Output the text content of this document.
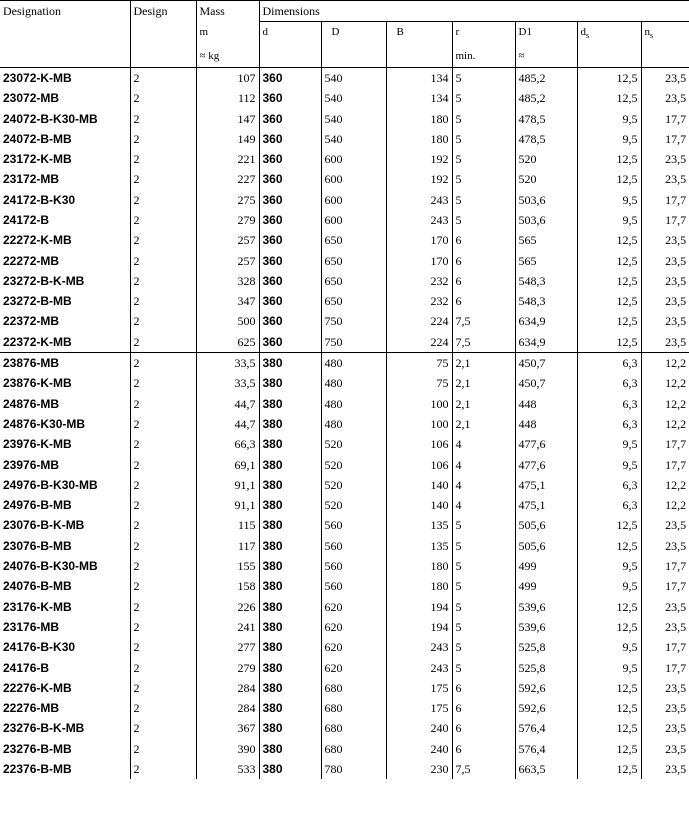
Designation	Design	Mass	Dimensions						
		m	d	D	B	r	D1	$d_s$	$n_s$
		≈ kg				min.	≈		
23072-K-MB	2	107	360	540	134	5	485,2	12,5	23,5
23072-MB	2	112	360	540	134	5	485,2	12,5	23,5
24072-B-K30-MB	2	147	360	540	180	5	478,5	9,5	17,7
24072-B-MB	2	149	360	540	180	5	478,5	9,5	17,7
23172-K-MB	2	221	360	600	192	5	520	12,5	23,5
23172-MB	2	227	360	600	192	5	520	12,5	23,5
24172-B-K30	2	275	360	600	243	5	503,6	9,5	17,7
24172-B	2	279	360	600	243	5	503,6	9,5	17,7
22272-K-MB	2	257	360	650	170	6	565	12,5	23,5
22272-MB	2	257	360	650	170	6	565	12,5	23,5
23272-B-K-MB	2	328	360	650	232	6	548,3	12,5	23,5
23272-B-MB	2	347	360	650	232	6	548,3	12,5	23,5
22372-MB	2	500	360	750	224	7,5	634,9	12,5	23,5
22372-K-MB	2	625	360	750	224	7,5	634,9	12,5	23,5
23876-MB	2	33,5	380	480	75	2,1	450,7	6,3	12,2
23876-K-MB	2	33,5	380	480	75	2,1	450,7	6,3	12,2
24876-MB	2	44,7	380	480	100	2,1	448	6,3	12,2
24876-K30-MB	2	44,7	380	480	100	2,1	448	6,3	12,2
23976-K-MB	2	66,3	380	520	106	4	477,6	9,5	17,7
23976-MB	2	69,1	380	520	106	4	477,6	9,5	17,7
24976-B-K30-MB	2	91,1	380	520	140	4	475,1	6,3	12,2
24976-B-MB	2	91,1	380	520	140	4	475,1	6,3	12,2
23076-B-K-MB	2	115	380	560	135	5	505,6	12,5	23,5
23076-B-MB	2	117	380	560	135	5	505,6	12,5	23,5
24076-B-K30-MB	2	155	380	560	180	5	499	9,5	17,7
24076-B-MB	2	158	380	560	180	5	499	9,5	17,7
23176-K-MB	2	226	380	620	194	5	539,6	12,5	23,5
23176-MB	2	241	380	620	194	5	539,6	12,5	23,5
24176-B-K30	2	277	380	620	243	5	525,8	9,5	17,7
24176-B	2	279	380	620	243	5	525,8	9,5	17,7
22276-K-MB	2	284	380	680	175	6	592,6	12,5	23,5
22276-MB	2	284	380	680	175	6	592,6	12,5	23,5
23276-B-K-MB	2	367	380	680	240	6	576,4	12,5	23,5
23276-B-MB	2	390	380	680	240	6	576,4	12,5	23,5
22376-B-MB	2	533	380	780	230	7,5	663,5	12,5	23,5
